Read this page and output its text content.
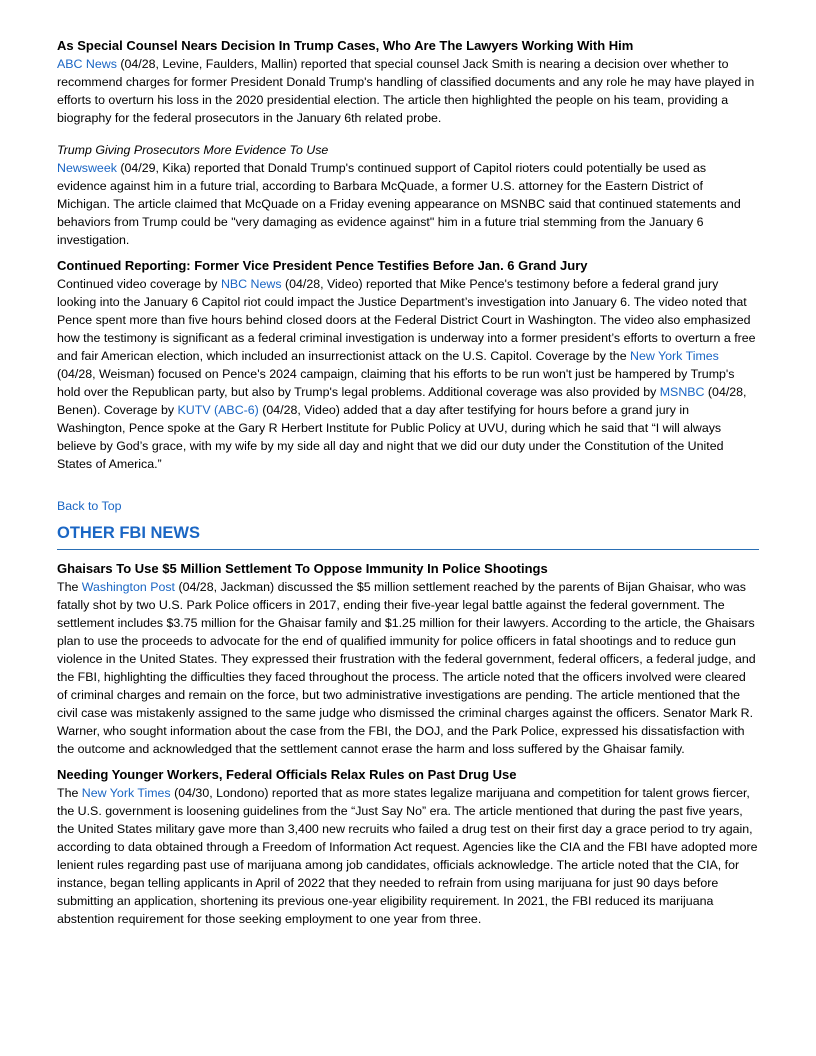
As Special Counsel Nears Decision In Trump Cases, Who Are The Lawyers Working With Him

ABC News (04/28, Levine, Faulders, Mallin) reported that special counsel Jack Smith is nearing a decision over whether to recommend charges for former President Donald Trump's handling of classified documents and any role he may have played in efforts to overturn his loss in the 2020 presidential election. The article then highlighted the people on his team, providing a biography for the federal prosecutors in the January 6th related probe.

Trump Giving Prosecutors More Evidence To Use

Newsweek (04/29, Kika) reported that Donald Trump's continued support of Capitol rioters could potentially be used as evidence against him in a future trial, according to Barbara McQuade, a former U.S. attorney for the Eastern District of Michigan. The article claimed that McQuade on a Friday evening appearance on MSNBC said that continued statements and behaviors from Trump could be "very damaging as evidence against" him in a future trial stemming from the January 6 investigation.

Continued Reporting: Former Vice President Pence Testifies Before Jan. 6 Grand Jury

Continued video coverage by NBC News (04/28, Video) reported that Mike Pence's testimony before a federal grand jury looking into the January 6 Capitol riot could impact the Justice Department’s investigation into January 6. The video noted that Pence spent more than five hours behind closed doors at the Federal District Court in Washington. The video also emphasized how the testimony is significant as a federal criminal investigation is underway into a former president’s efforts to overturn a free and fair American election, which included an insurrectionist attack on the U.S. Capitol. Coverage by the New York Times (04/28, Weisman) focused on Pence's 2024 campaign, claiming that his efforts to be run won't just be hampered by Trump's hold over the Republican party, but also by Trump's legal problems. Additional coverage was also provided by MSNBC (04/28, Benen). Coverage by KUTV (ABC-6) (04/28, Video) added that a day after testifying for hours before a grand jury in Washington, Pence spoke at the Gary R Herbert Institute for Public Policy at UVU, during which he said that “I will always believe by God’s grace, with my wife by my side all day and night that we did our duty under the Constitution of the United States of America.”

Back to Top
OTHER FBI NEWS

Ghaisars To Use $5 Million Settlement To Oppose Immunity In Police Shootings

The Washington Post (04/28, Jackman) discussed the $5 million settlement reached by the parents of Bijan Ghaisar, who was fatally shot by two U.S. Park Police officers in 2017, ending their five-year legal battle against the federal government. The settlement includes $3.75 million for the Ghaisar family and $1.25 million for their lawyers. According to the article, the Ghaisars plan to use the proceeds to advocate for the end of qualified immunity for police officers in fatal shootings and to reduce gun violence in the United States. They expressed their frustration with the federal government, federal officers, a federal judge, and the FBI, highlighting the difficulties they faced throughout the process. The article noted that the officers involved were cleared of criminal charges and remain on the force, but two administrative investigations are pending. The article mentioned that the civil case was mistakenly assigned to the same judge who dismissed the criminal charges against the officers. Senator Mark R. Warner, who sought information about the case from the FBI, the DOJ, and the Park Police, expressed his dissatisfaction with the outcome and acknowledged that the settlement cannot erase the harm and loss suffered by the Ghaisar family.

Needing Younger Workers, Federal Officials Relax Rules on Past Drug Use

The New York Times (04/30, Londono) reported that as more states legalize marijuana and competition for talent grows fiercer, the U.S. government is loosening guidelines from the “Just Say No” era. The article mentioned that during the past five years, the United States military gave more than 3,400 new recruits who failed a drug test on their first day a grace period to try again, according to data obtained through a Freedom of Information Act request. Agencies like the CIA and the FBI have adopted more lenient rules regarding past use of marijuana among job candidates, officials acknowledge. The article noted that the CIA, for instance, began telling applicants in April of 2022 that they needed to refrain from using marijuana for just 90 days before submitting an application, shortening its previous one-year eligibility requirement. In 2021, the FBI reduced its marijuana abstention requirement for those seeking employment to one year from three.
